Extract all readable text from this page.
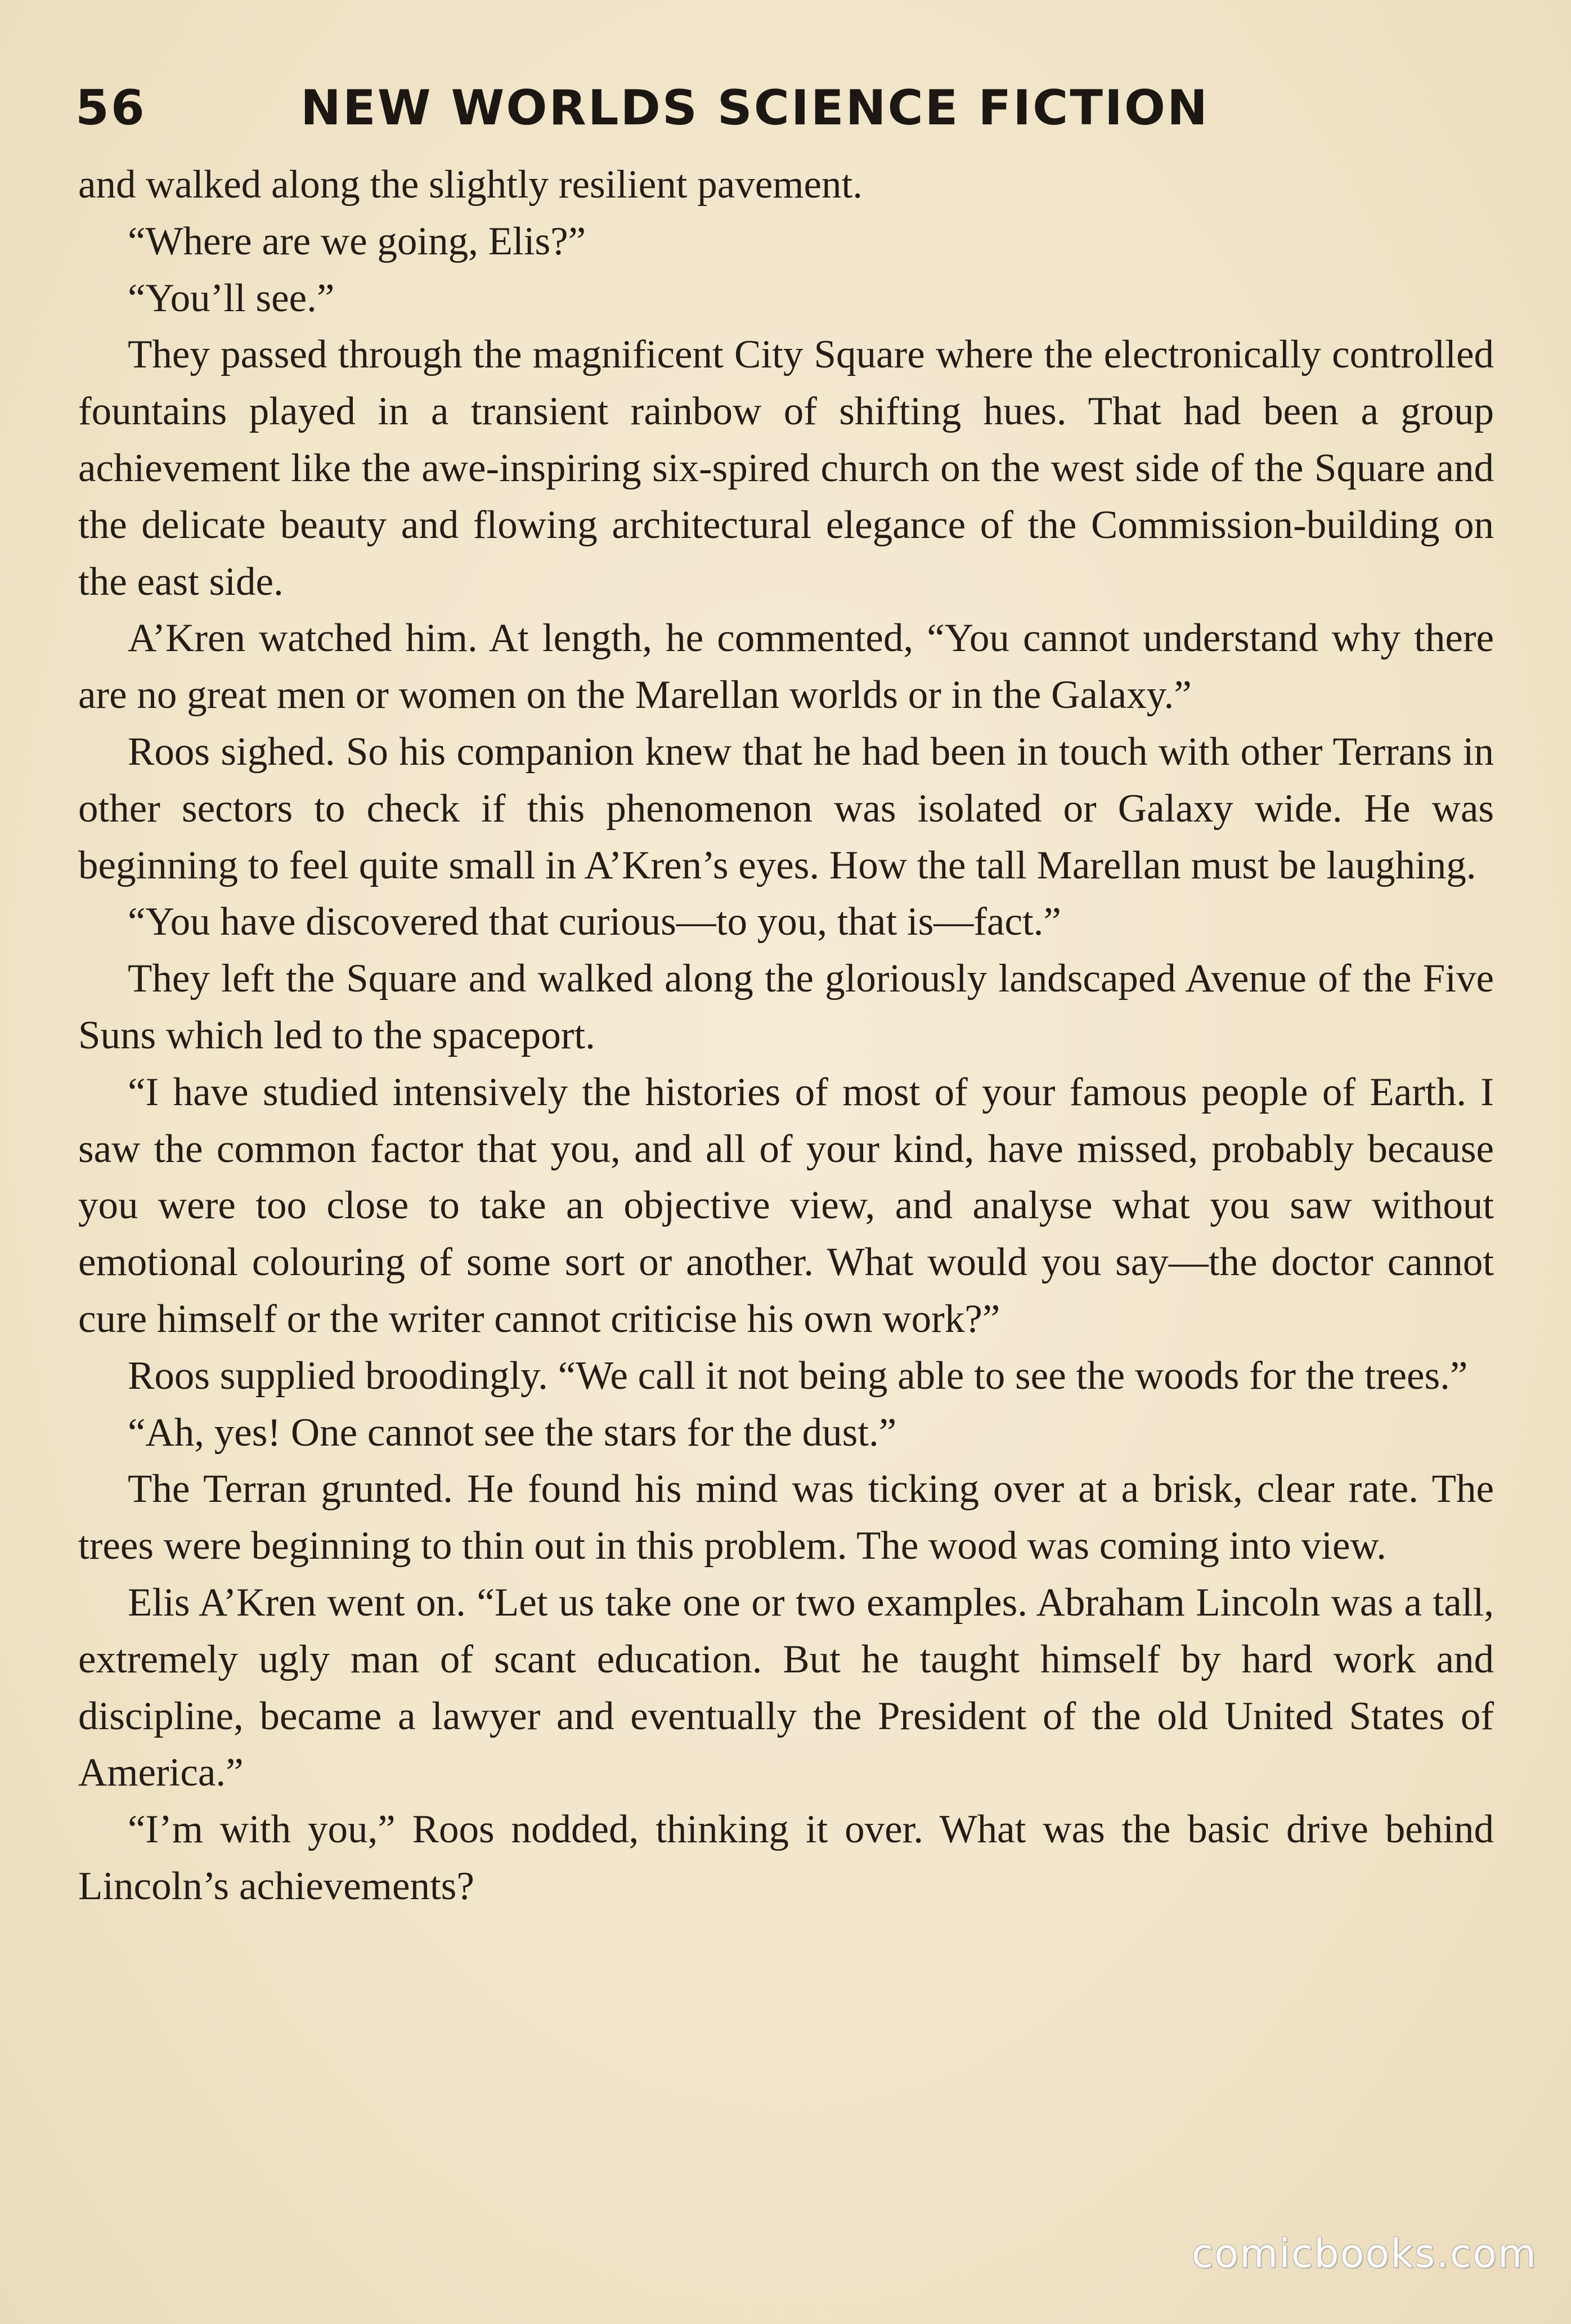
56	NEW WORLDS SCIENCE FICTION

and walked along the slightly resilient pavement.

“Where are we going, Elis?”

“You’ll see.”

They passed through the magnificent City Square where the electronically controlled fountains played in a transient rainbow of shifting hues. That had been a group achievement like the awe-inspiring six-spired church on the west side of the Square and the delicate beauty and flowing architectural elegance of the Commission-building on the east side.

A’Kren watched him. At length, he commented, “You cannot understand why there are no great men or women on the Marellan worlds or in the Galaxy.”

Roos sighed. So his companion knew that he had been in touch with other Terrans in other sectors to check if this phenomenon was isolated or Galaxy wide. He was beginning to feel quite small in A’Kren’s eyes. How the tall Marellan must be laughing.

“You have discovered that curious—to you, that is—fact.”

They left the Square and walked along the gloriously landscaped Avenue of the Five Suns which led to the spaceport.

“I have studied intensively the histories of most of your famous people of Earth. I saw the common factor that you, and all of your kind, have missed, probably because you were too close to take an objective view, and analyse what you saw without emotional colouring of some sort or another. What would you say—the doctor cannot cure himself or the writer cannot criticise his own work?”

Roos supplied broodingly. “We call it not being able to see the woods for the trees.”

“Ah, yes! One cannot see the stars for the dust.”

The Terran grunted. He found his mind was ticking over at a brisk, clear rate. The trees were beginning to thin out in this problem. The wood was coming into view.

Elis A’Kren went on. “Let us take one or two examples. Abraham Lincoln was a tall, extremely ugly man of scant education. But he taught himself by hard work and discipline, became a lawyer and eventually the President of the old United States of America.”

“I’m with you,” Roos nodded, thinking it over. What was the basic drive behind Lincoln’s achievements?

comicbooks.com
